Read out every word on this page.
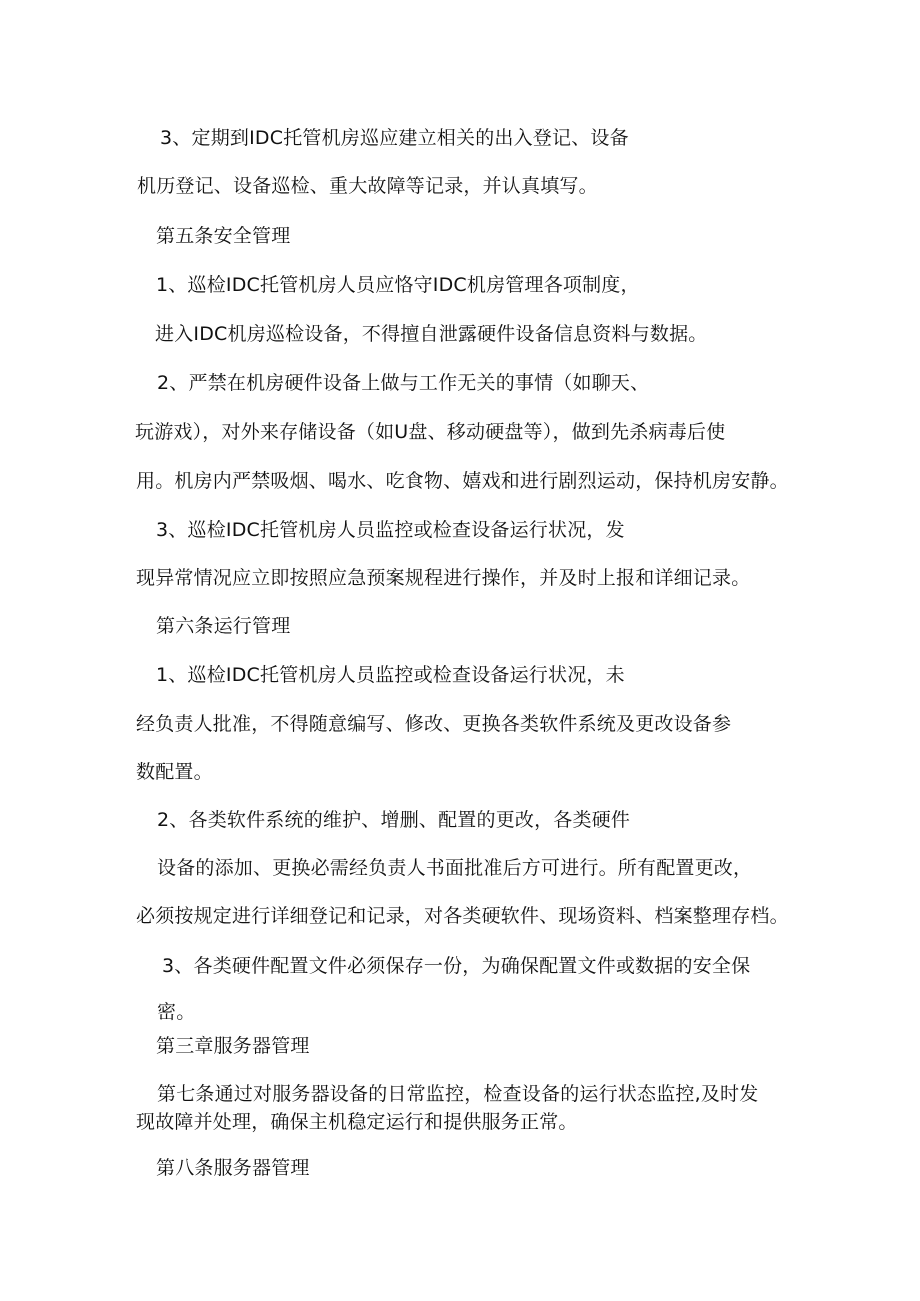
3、定期到IDC托管机房巡应建立相关的出入登记、设备
机历登记、设备巡检、重大故障等记录，并认真填写。
第五条安全管理
1、巡检IDC托管机房人员应恪守IDC机房管理各项制度，
进入IDC机房巡检设备，不得擅自泄露硬件设备信息资料与数据。
2、严禁在机房硬件设备上做与工作无关的事情（如聊天、
玩游戏），对外来存储设备（如U盘、移动硬盘等），做到先杀病毒后使
用。机房内严禁吸烟、喝水、吃食物、嬉戏和进行剧烈运动，保持机房安静。
3、巡检IDC托管机房人员监控或检查设备运行状况，发
现异常情况应立即按照应急预案规程进行操作，并及时上报和详细记录。
第六条运行管理
1、巡检IDC托管机房人员监控或检查设备运行状况，未
经负责人批准，不得随意编写、修改、更换各类软件系统及更改设备参
数配置。
2、各类软件系统的维护、增删、配置的更改，各类硬件
设备的添加、更换必需经负责人书面批准后方可进行。所有配置更改，
必须按规定进行详细登记和记录，对各类硬软件、现场资料、档案整理存档。
3、各类硬件配置文件必须保存一份，为确保配置文件或数据的安全保
密。
第三章服务器管理
第七条通过对服务器设备的日常监控，检查设备的运行状态监控,及时发
现故障并处理，确保主机稳定运行和提供服务正常。
第八条服务器管理
